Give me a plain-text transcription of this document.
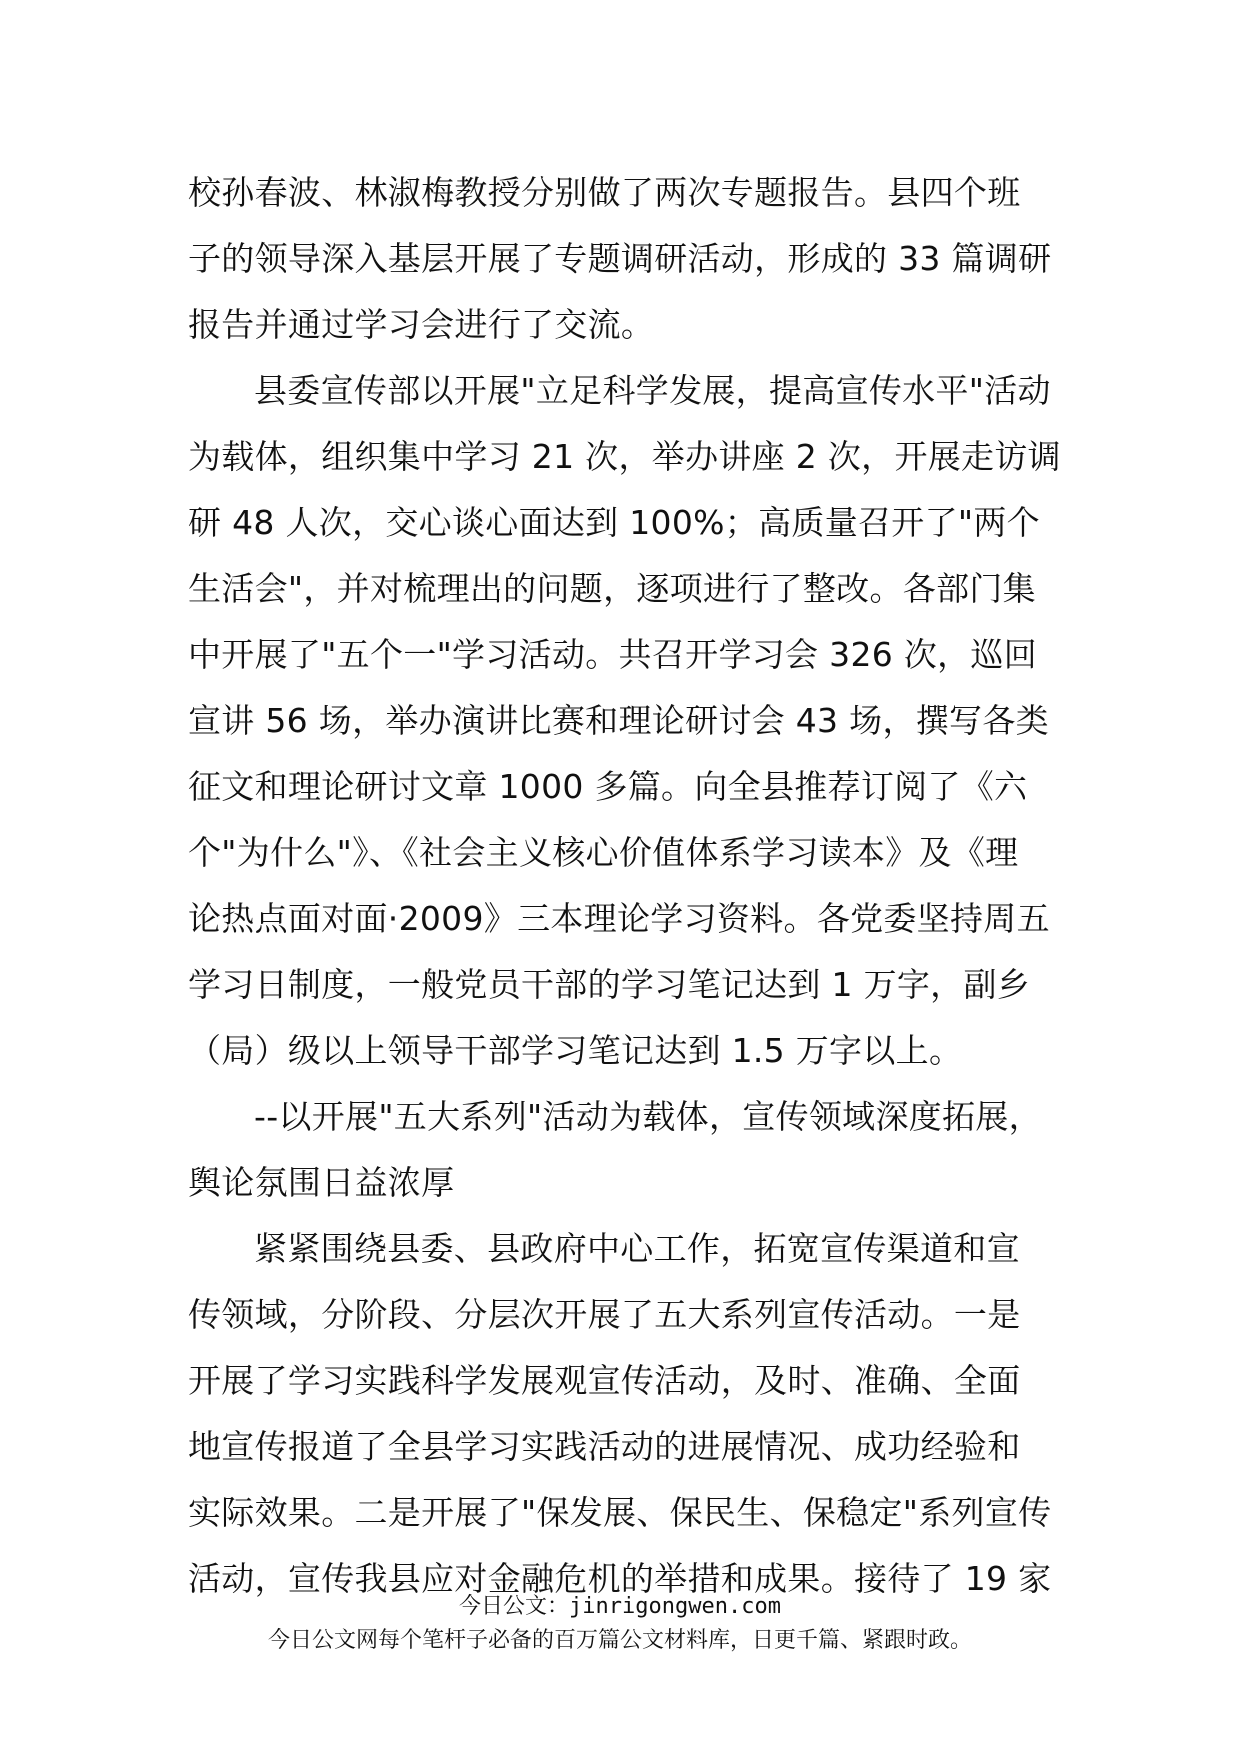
校孙春波、林淑梅教授分别做了两次专题报告。县四个班
子的领导深入基层开展了专题调研活动，形成的 33 篇调研
报告并通过学习会进行了交流。
县委宣传部以开展"立足科学发展，提高宣传水平"活动
为载体，组织集中学习 21 次，举办讲座 2 次，开展走访调
研 48 人次，交心谈心面达到 100%；高质量召开了"两个
生活会"，并对梳理出的问题，逐项进行了整改。各部门集
中开展了"五个一"学习活动。共召开学习会 326 次，巡回
宣讲 56 场，举办演讲比赛和理论研讨会 43 场，撰写各类
征文和理论研讨文章 1000 多篇。向全县推荐订阅了《六
个"为什么"》、《社会主义核心价值体系学习读本》及《理
论热点面对面·2009》三本理论学习资料。各党委坚持周五
学习日制度，一般党员干部的学习笔记达到 1 万字，副乡
（局）级以上领导干部学习笔记达到 1.5 万字以上。
--以开展"五大系列"活动为载体，宣传领域深度拓展，
舆论氛围日益浓厚
紧紧围绕县委、县政府中心工作，拓宽宣传渠道和宣
传领域，分阶段、分层次开展了五大系列宣传活动。一是
开展了学习实践科学发展观宣传活动，及时、准确、全面
地宣传报道了全县学习实践活动的进展情况、成功经验和
实际效果。二是开展了"保发展、保民生、保稳定"系列宣传
活动，宣传我县应对金融危机的举措和成果。接待了 19 家
今日公文：jinrigongwen.com
今日公文网每个笔杆子必备的百万篇公文材料库，日更千篇、紧跟时政。
